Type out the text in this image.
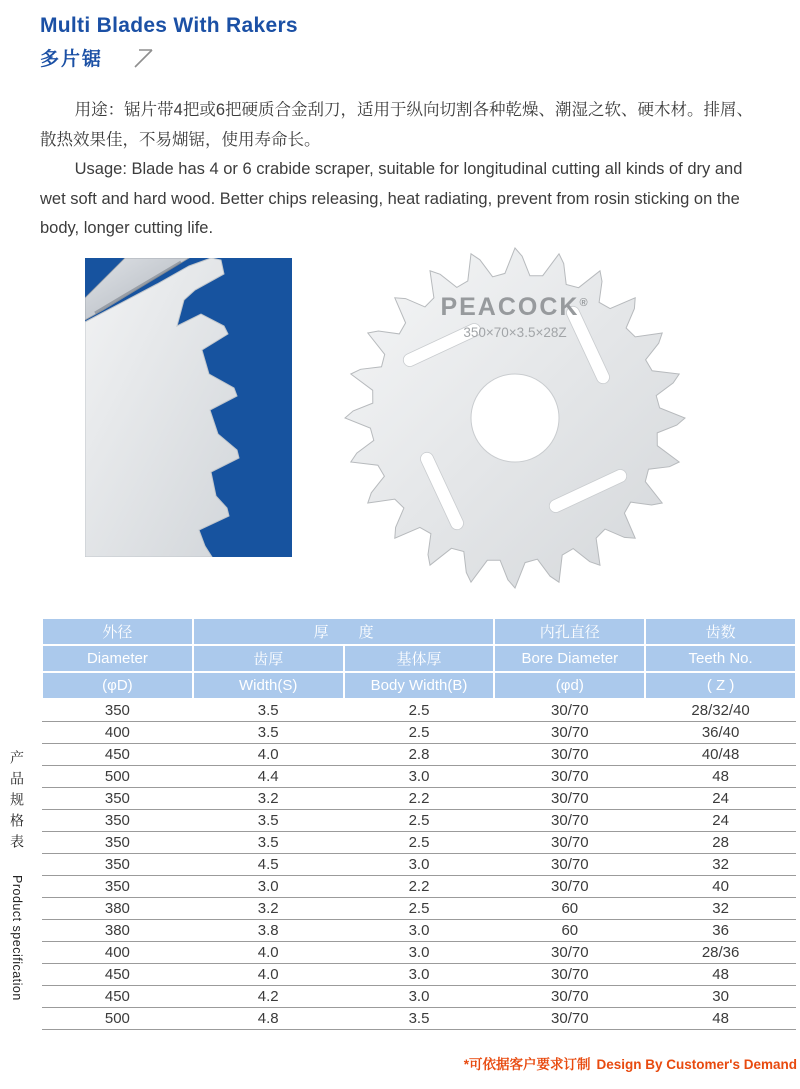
Multi Blades With Rakers
多片锯

用途：锯片带4把或6把硬质合金刮刀，适用于纵向切割各种乾燥、潮湿之软、硬木材。排屑、散热效果佳，不易煳锯，使用寿命长。

Usage: Blade has 4 or 6 crabide scraper, suitable for longitudinal cutting all kinds of dry and wet soft and hard wood. Better chips releasing, heat radiating, prevent from rosin sticking on the body, longer cutting life.

PEACOCK®
350×70×3.5×28Z
产品规格表 Product specification
外径	厚　　度		内孔直径	齿数
Diameter	齿厚	基体厚	Bore Diameter	Teeth No.
(φD)	Width(S)	Body Width(B)	(φd)	( Z )
350	3.5	2.5	30/70	28/32/40
400	3.5	2.5	30/70	36/40
450	4.0	2.8	30/70	40/48
500	4.4	3.0	30/70	48
350	3.2	2.2	30/70	24
350	3.5	2.5	30/70	24
350	3.5	2.5	30/70	28
350	4.5	3.0	30/70	32
350	3.0	2.2	30/70	40
380	3.2	2.5	60	32
380	3.8	3.0	60	36
400	4.0	3.0	30/70	28/36
450	4.0	3.0	30/70	48
450	4.2	3.0	30/70	30
500	4.8	3.5	30/70	48
*可依据客户要求订制 Design By Customer's Demand
